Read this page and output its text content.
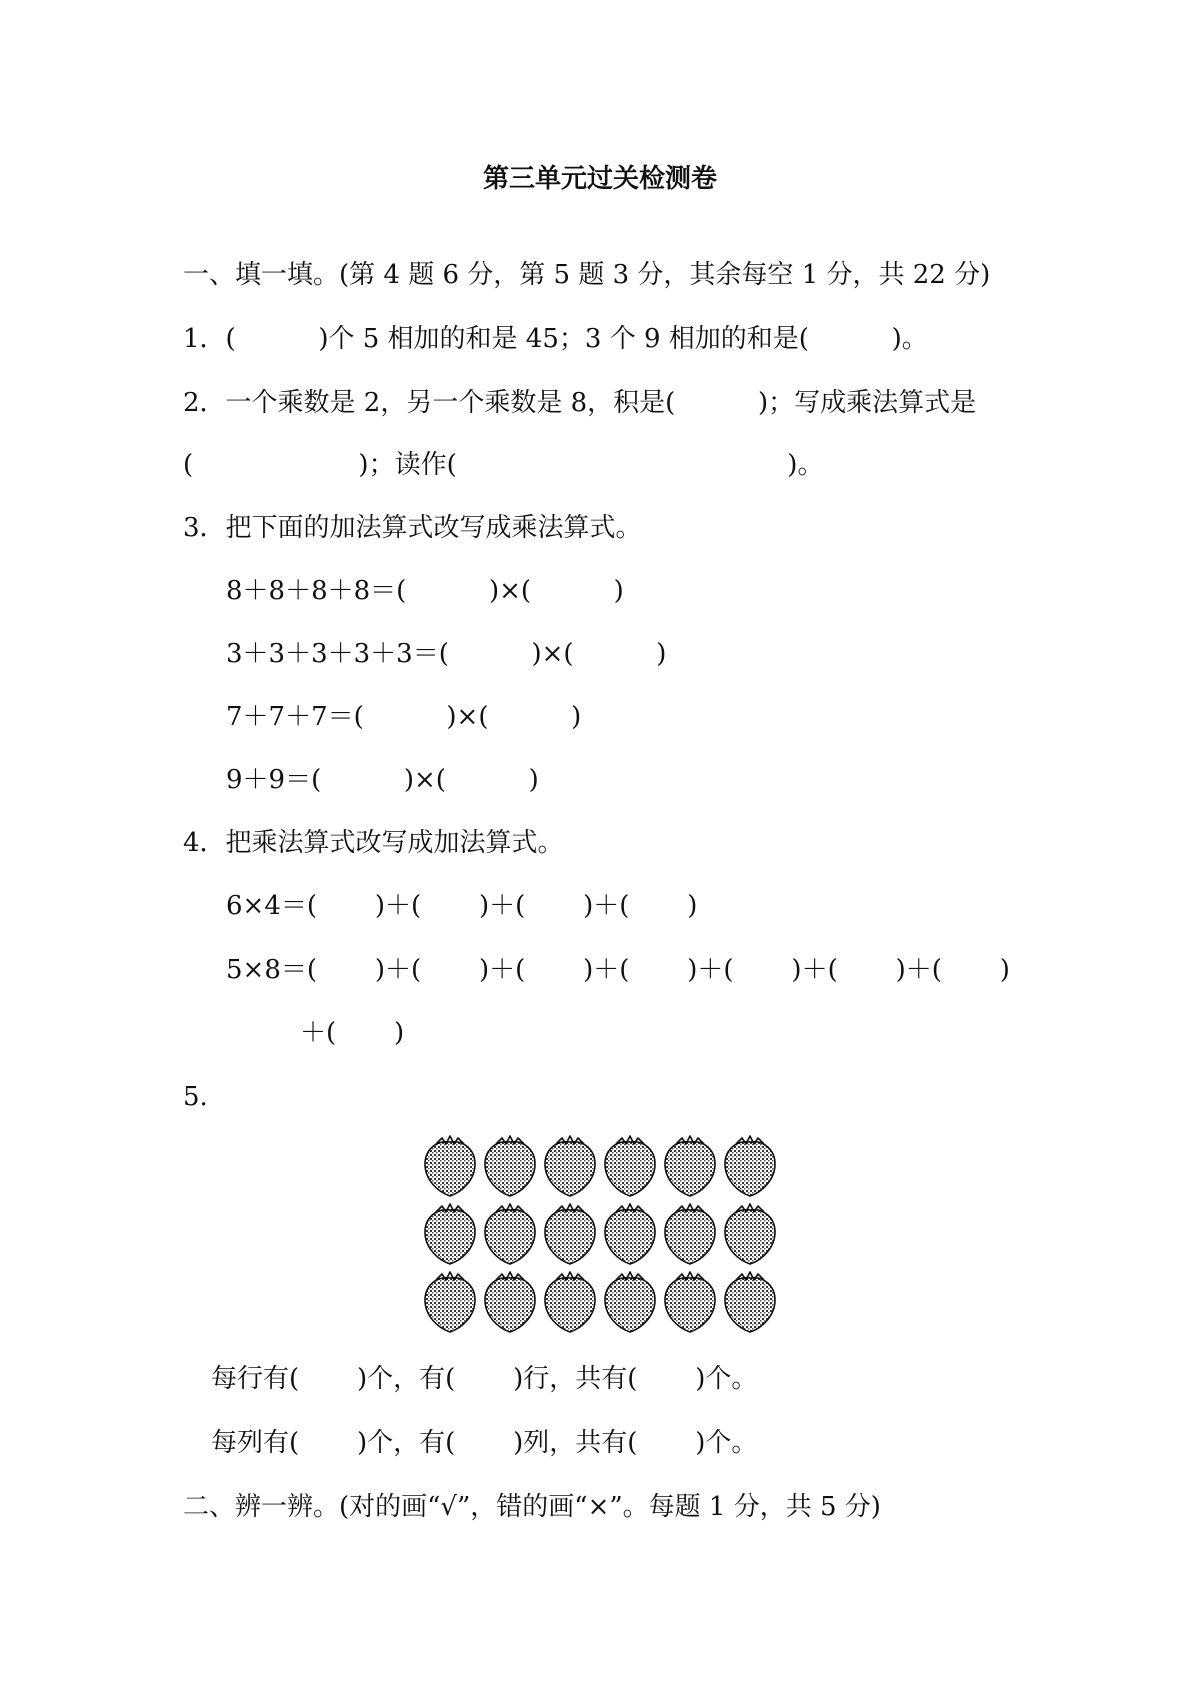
第三单元过关检测卷
一、填一填。(第 4 题 6 分，第 5 题 3 分，其余每空 1 分，共 22 分)
1．(          )个 5 相加的和是 45；3 个 9 相加的和是(          )。
2．一个乘数是 2，另一个乘数是 8，积是(          )；写成乘法算式是
(                    )；读作(                                        )。
3．把下面的加法算式改写成乘法算式。
8＋8＋8＋8＝(          )×(          )
3＋3＋3＋3＋3＝(          )×(          )
7＋7＋7＝(          )×(          )
9＋9＝(          )×(          )
4．把乘法算式改写成加法算式。
6×4＝(       )＋(       )＋(       )＋(       )
5×8＝(       )＋(       )＋(       )＋(       )＋(       )＋(       )＋(       )
＋(       )
5.
每行有(       )个，有(       )行，共有(       )个。
每列有(       )个，有(       )列，共有(       )个。
二、辨一辨。(对的画“√”，错的画“×”。每题 1 分，共 5 分)
